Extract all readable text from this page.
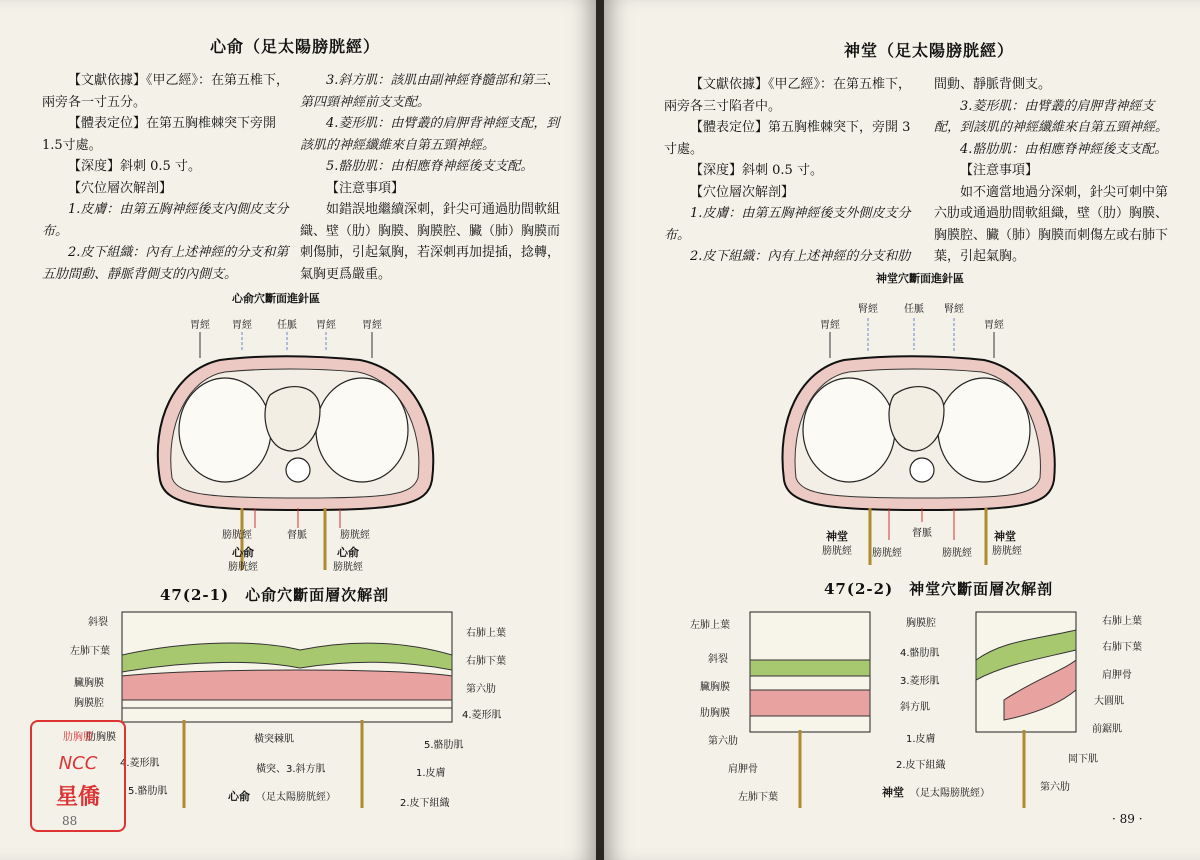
心俞（足太陽膀胱經）

【文獻依據】《甲乙經》：在第五椎下，兩旁各一寸五分。

【體表定位】在第五胸椎棘突下旁開1.5寸處。

【深度】斜刺 0.5 寸。

【穴位層次解剖】

1.皮膚：由第五胸神經後支內側皮支分布。

2.皮下組織：內有上述神經的分支和第五肋間動、靜脈背側支的內側支。

3.斜方肌：該肌由副神經脊髓部和第三、第四頸神經前支支配。

4.菱形肌：由臂叢的肩胛背神經支配，到該肌的神經纖維來自第五頸神經。

5.骼肋肌：由相應脊神經後支支配。

【注意事項】

如錯誤地繼續深刺，針尖可通過肋間軟組織、壁（肋）胸膜、胸膜腔、臟（肺）胸膜而刺傷肺，引起氣胸，若深刺再加提插，捻轉，氣胸更爲嚴重。

心俞穴斷面進針區
胃經 胃經	任脈 胃經	胃經
膀胱經	督脈	膀胱經
心俞
膀胱經
心俞
膀胱經
斜裂
左肺下葉
臟胸膜
胸膜腔
肋胸膜
4.菱形肌
5.骼肋肌
右肺上葉
右肺下葉
第六肋
4.菱形肌
5.骼肋肌
1.皮膚
2.皮下組織
橫突棘肌
橫突、3.斜方肌
心俞 （足太陽膀胱經）
47(2-1)　心俞穴斷面層次解剖
肋胸膜
NCC
星僑
88
神堂（足太陽膀胱經）

【文獻依據】《甲乙經》：在第五椎下，兩旁各三寸陷者中。

【體表定位】第五胸椎棘突下，旁開 3寸處。

【深度】斜刺 0.5 寸。

【穴位層次解剖】

1.皮膚：由第五胸神經後支外側皮支分布。

2.皮下組織：內有上述神經的分支和肋

間動、靜脈背側支。

3.菱形肌：由臂叢的肩胛背神經支配，到該肌的神經纖維來自第五頸神經。

4.骼肋肌：由相應脊神經後支支配。

【注意事項】

如不適當地過分深刺，針尖可刺中第六肋或通過肋間軟組織，壁（肋）胸膜、胸膜腔、臟（肺）胸膜而刺傷左或右肺下葉，引起氣胸。

神堂穴斷面進針區
胃經
腎經	任脈 腎經
胃經
神堂
膀胱經 膀胱經
督脈
膀胱經
神堂
膀胱經
左肺上葉
斜裂
臟胸膜
肋胸膜
第六肋
肩胛骨
左肺下葉
胸膜腔
4.骼肋肌
3.菱形肌
斜方肌
1.皮膚
2.皮下組織
神堂 （足太陽膀胱經）
右肺上葉
右肺下葉
肩胛骨
大圓肌
前鋸肌
岡下肌
第六肋
47(2-2)　神堂穴斷面層次解剖
· 89 ·
